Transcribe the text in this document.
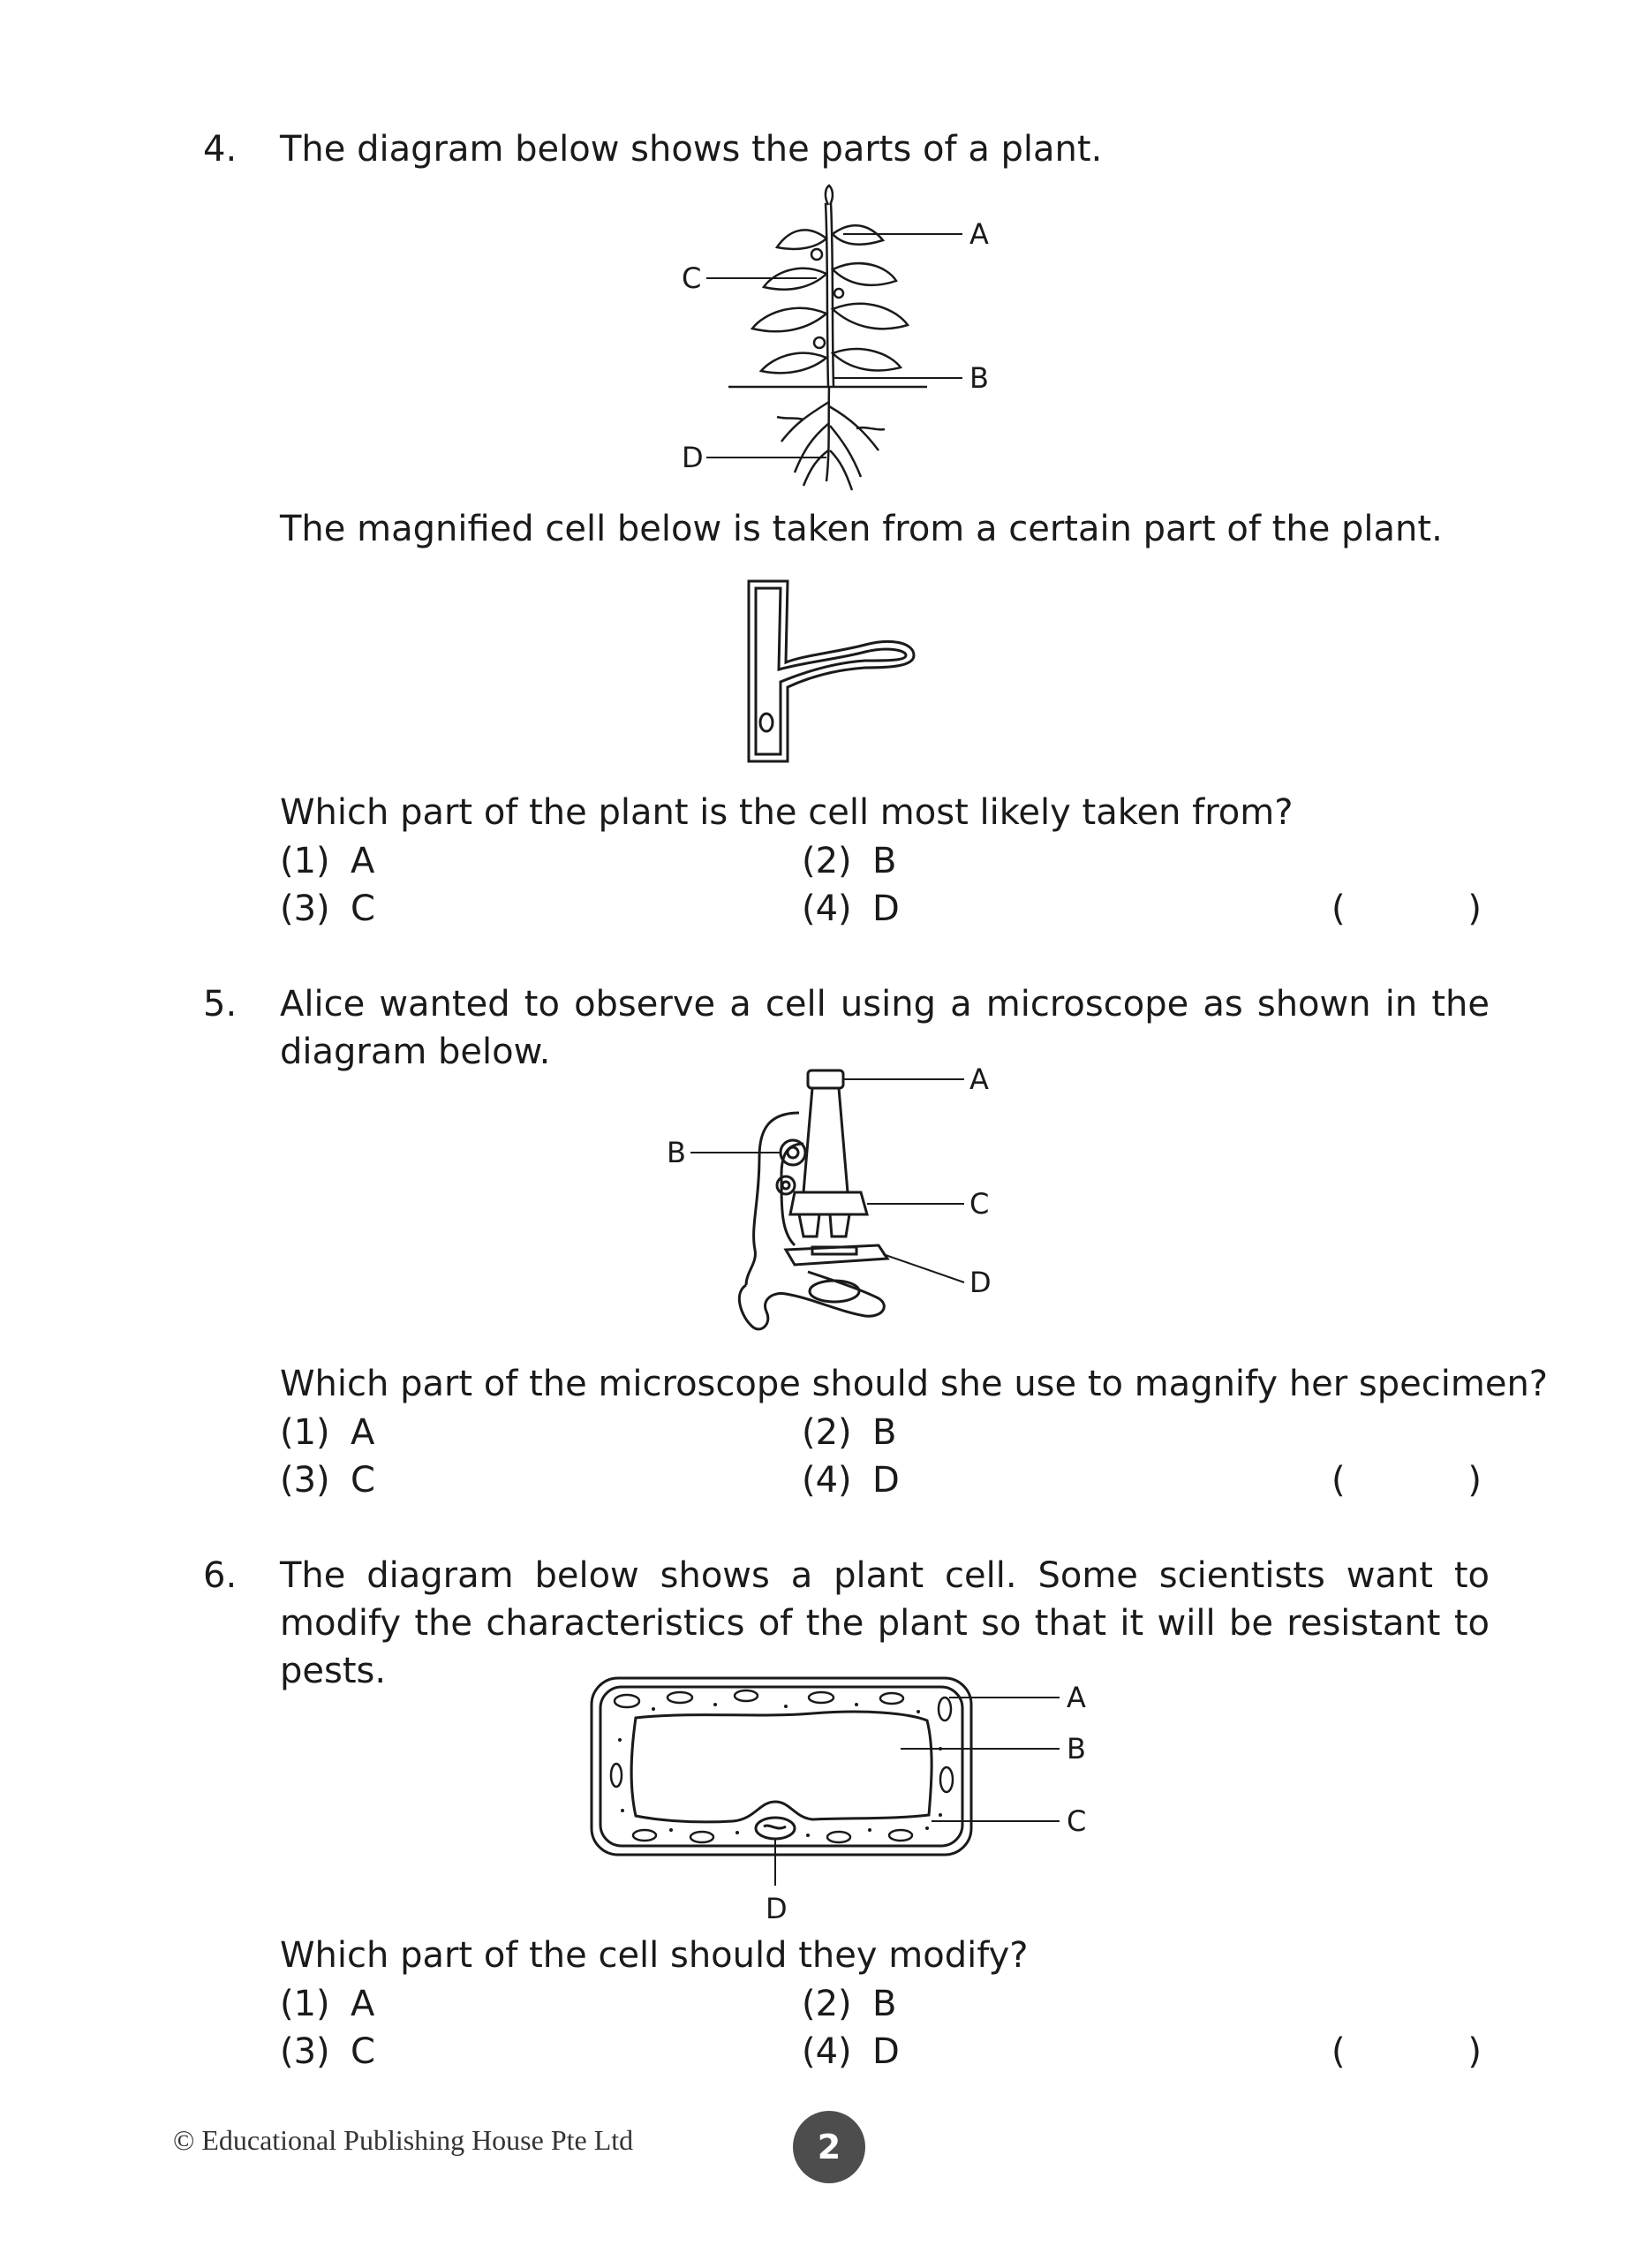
4. The diagram below shows the parts of a plant.

A
B
C
D

The magnified cell below is taken from a certain part of the plant.

Which part of the plant is the cell most likely taken from?

(1) A	(2) B
(3) C	(4) D	(	)

5. Alice wanted to observe a cell using a microscope as shown in the diagram below.

A
B
C
D

Which part of the microscope should she use to magnify her specimen?

(1) A	(2) B
(3) C	(4) D	(	)

6. The diagram below shows a plant cell. Some scientists want to modify the characteristics of the plant so that it will be resistant to pests.

A
B
C
D

Which part of the cell should they modify?

(1) A	(2) B
(3) C	(4) D	(	)
© Educational Publishing House Pte Ltd	2
